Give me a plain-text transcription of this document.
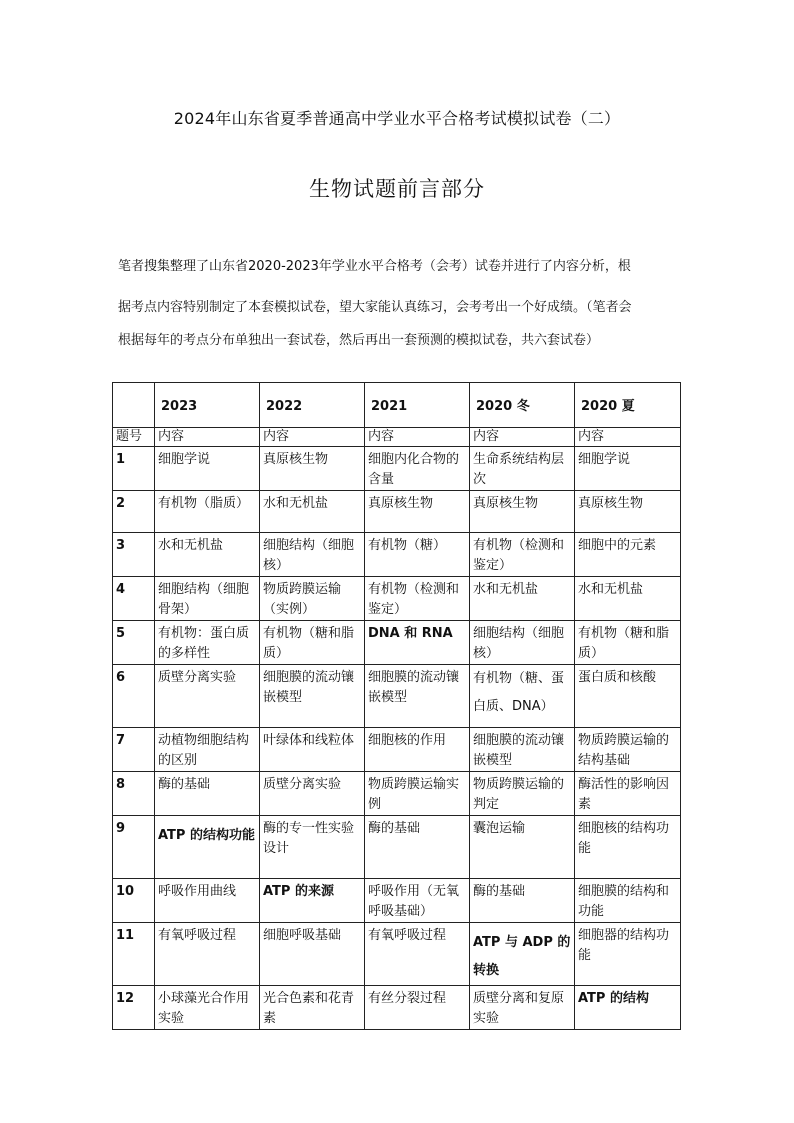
2024年山东省夏季普通高中学业水平合格考试模拟试卷（二）
生物试题前言部分
笔者搜集整理了山东省2020-2023年学业水平合格考（会考）试卷并进行了内容分析，根
据考点内容特别制定了本套模拟试卷，望大家能认真练习，会考考出一个好成绩。（笔者会
根据每年的考点分布单独出一套试卷，然后再出一套预测的模拟试卷，共六套试卷）
	2023	2022	2021	2020 冬	2020 夏
题号	内容	内容	内容	内容	内容
1	细胞学说	真原核生物	细胞内化合物的含量	生命系统结构层次	细胞学说
2	有机物（脂质）	水和无机盐	真原核生物	真原核生物	真原核生物
3	水和无机盐	细胞结构（细胞核）	有机物（糖）	有机物（检测和鉴定）	细胞中的元素
4	细胞结构（细胞骨架）	物质跨膜运输（实例）	有机物（检测和鉴定）	水和无机盐	水和无机盐
5	有机物：蛋白质的多样性	有机物（糖和脂质）	DNA 和 RNA	细胞结构（细胞核）	有机物（糖和脂质）
6	质壁分离实验	细胞膜的流动镶嵌模型	细胞膜的流动镶嵌模型	有机物（糖、蛋白质、DNA）	蛋白质和核酸
7	动植物细胞结构的区别	叶绿体和线粒体	细胞核的作用	细胞膜的流动镶嵌模型	物质跨膜运输的结构基础
8	酶的基础	质壁分离实验	物质跨膜运输实例	物质跨膜运输的判定	酶活性的影响因素
9	ATP 的结构功能	酶的专一性实验设计	酶的基础	囊泡运输	细胞核的结构功能
10	呼吸作用曲线	ATP 的来源	呼吸作用（无氧呼吸基础）	酶的基础	细胞膜的结构和功能
11	有氧呼吸过程	细胞呼吸基础	有氧呼吸过程	ATP 与 ADP 的转换	细胞器的结构功能
12	小球藻光合作用实验	光合色素和花青素	有丝分裂过程	质壁分离和复原实验	ATP 的结构
